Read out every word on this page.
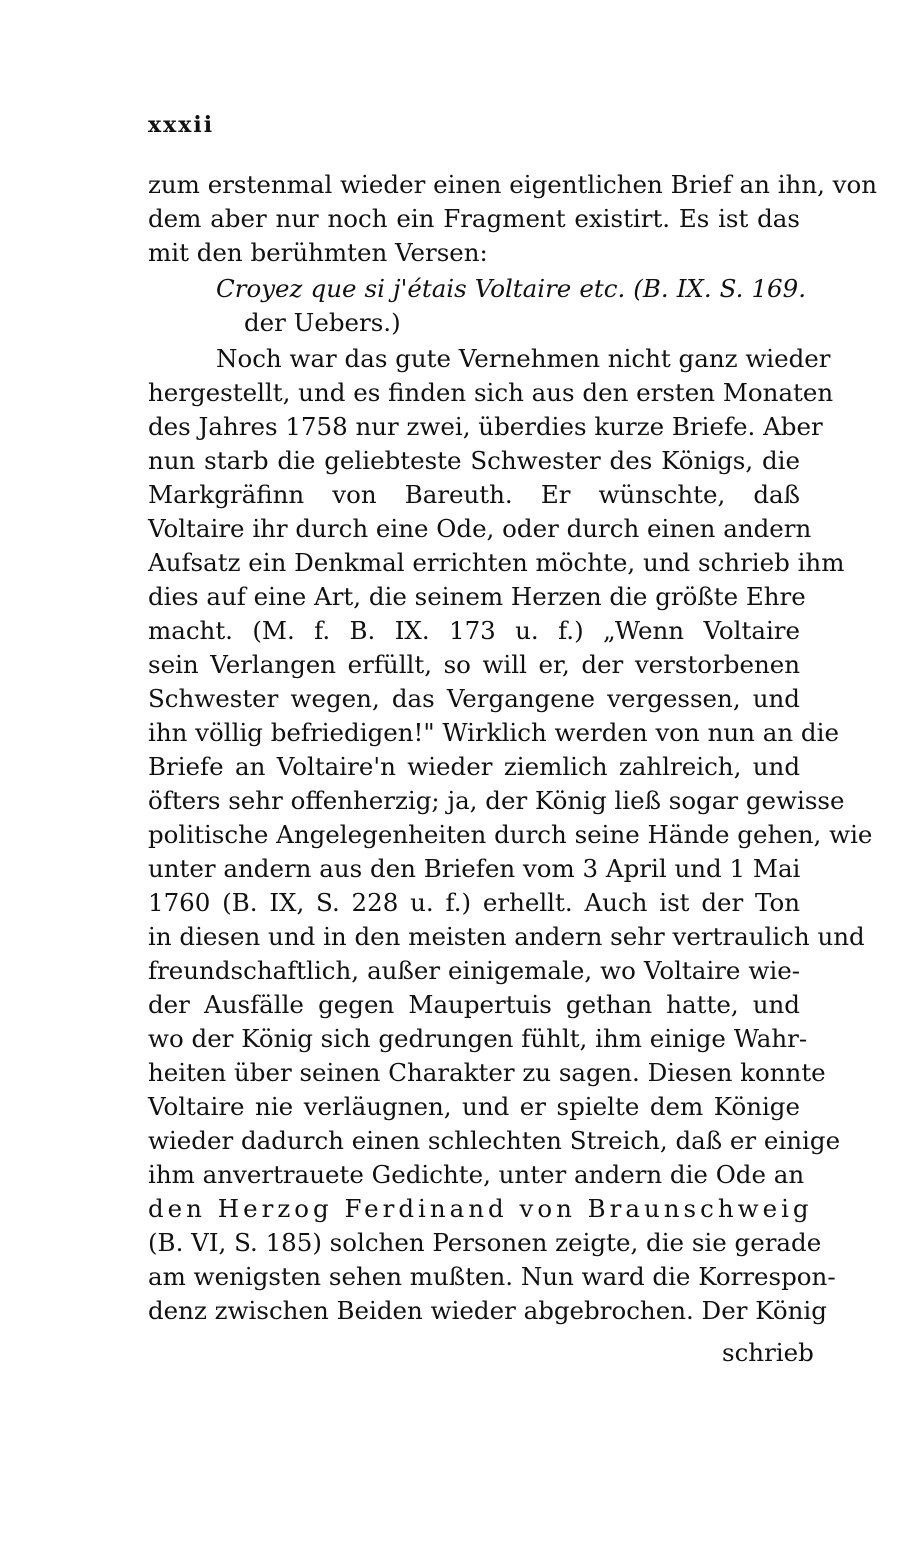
xxxii
zum erstenmal wieder einen eigentlichen Brief an ihn, von
dem aber nur noch ein Fragment existirt. Es ist das
mit den berühmten Versen:
Croyez que si j'étais Voltaire etc. (B. IX. S. 169.
der Uebers.)
Noch war das gute Vernehmen nicht ganz wieder
hergestellt, und es finden sich aus den ersten Monaten
des Jahres 1758 nur zwei, überdies kurze Briefe. Aber
nun starb die geliebteste Schwester des Königs, die
Markgräfinn von Bareuth. Er wünschte, daß
Voltaire ihr durch eine Ode, oder durch einen andern
Aufsatz ein Denkmal errichten möchte, und schrieb ihm
dies auf eine Art, die seinem Herzen die größte Ehre
macht. (M. f. B. IX. 173 u. f.) „Wenn Voltaire
sein Verlangen erfüllt, so will er, der verstorbenen
Schwester wegen, das Vergangene vergessen, und
ihn völlig befriedigen!" Wirklich werden von nun an die
Briefe an Voltaire'n wieder ziemlich zahlreich, und
öfters sehr offenherzig; ja, der König ließ sogar gewisse
politische Angelegenheiten durch seine Hände gehen, wie
unter andern aus den Briefen vom 3 April und 1 Mai
1760 (B. IX, S. 228 u. f.) erhellt. Auch ist der Ton
in diesen und in den meisten andern sehr vertraulich und
freundschaftlich, außer einigemale, wo Voltaire wie-
der Ausfälle gegen Maupertuis gethan hatte, und
wo der König sich gedrungen fühlt, ihm einige Wahr-
heiten über seinen Charakter zu sagen. Diesen konnte
Voltaire nie verläugnen, und er spielte dem Könige
wieder dadurch einen schlechten Streich, daß er einige
ihm anvertrauete Gedichte, unter andern die Ode an
den Herzog Ferdinand von Braunschweig
(B. VI, S. 185) solchen Personen zeigte, die sie gerade
am wenigsten sehen mußten. Nun ward die Korrespon-
denz zwischen Beiden wieder abgebrochen. Der König
schrieb
